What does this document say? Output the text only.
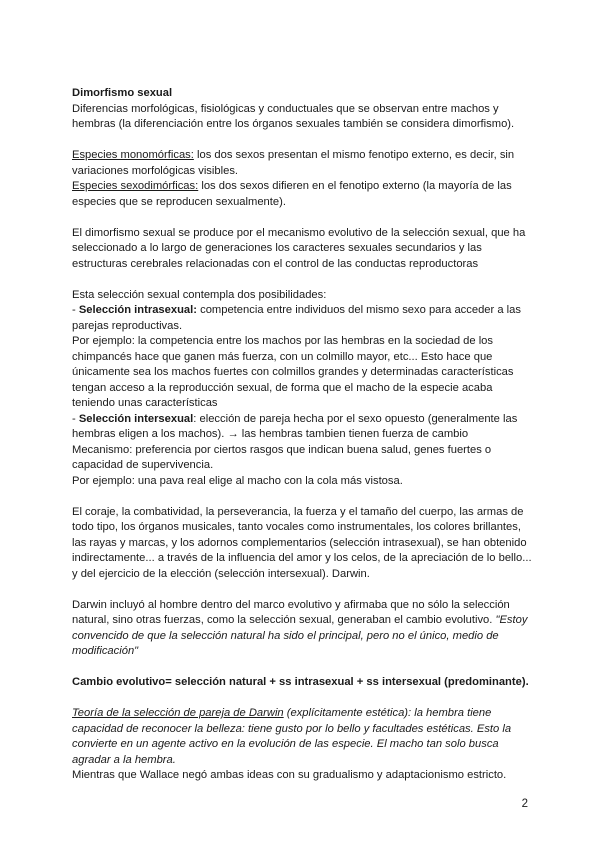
Dimorfismo sexual

Diferencias morfológicas, fisiológicas y conductuales que se observan entre machos y hembras (la diferenciación entre los órganos sexuales también se considera dimorfismo).

Especies monomórficas: los dos sexos presentan el mismo fenotipo externo, es decir, sin variaciones morfológicas visibles.

Especies sexodimórficas: los dos sexos difieren en el fenotipo externo (la mayoría de las especies que se reproducen sexualmente).

El dimorfismo sexual se produce por el mecanismo evolutivo de la selección sexual, que ha seleccionado a lo largo de generaciones los caracteres sexuales secundarios y las estructuras cerebrales relacionadas con el control de las conductas reproductoras

Esta selección sexual contempla dos posibilidades:

- Selección intrasexual: competencia entre individuos del mismo sexo para acceder a las parejas reproductivas.

Por ejemplo: la competencia entre los machos por las hembras en la sociedad de los chimpancés hace que ganen más fuerza, con un colmillo mayor, etc... Esto hace que únicamente sea los machos fuertes con colmillos grandes y determinadas características tengan acceso a la reproducción sexual, de forma que el macho de la especie acaba teniendo unas características

- Selección intersexual: elección de pareja hecha por el sexo opuesto (generalmente las hembras eligen a los machos). → las hembras tambien tienen fuerza de cambio

Mecanismo: preferencia por ciertos rasgos que indican buena salud, genes fuertes o capacidad de supervivencia.

Por ejemplo: una pava real elige al macho con la cola más vistosa.

El coraje, la combatividad, la perseverancia, la fuerza y el tamaño del cuerpo, las armas de todo tipo, los órganos musicales, tanto vocales como instrumentales, los colores brillantes, las rayas y marcas, y los adornos complementarios (selección intrasexual), se han obtenido indirectamente... a través de la influencia del amor y los celos, de la apreciación de lo bello... y del ejercicio de la elección (selección intersexual). Darwin.

Darwin incluyó al hombre dentro del marco evolutivo y afirmaba que no sólo la selección natural, sino otras fuerzas, como la selección sexual, generaban el cambio evolutivo. "Estoy convencido de que la selección natural ha sido el principal, pero no el único, medio de modificación"

Cambio evolutivo= selección natural + ss intrasexual + ss intersexual (predominante).

Teoría de la selección de pareja de Darwin (explícitamente estética): la hembra tiene capacidad de reconocer la belleza: tiene gusto por lo bello y facultades estéticas. Esto la convierte en un agente activo en la evolución de las especie. El macho tan solo busca agradar a la hembra.

Mientras que Wallace negó ambas ideas con su gradualismo y adaptacionismo estricto.

2
